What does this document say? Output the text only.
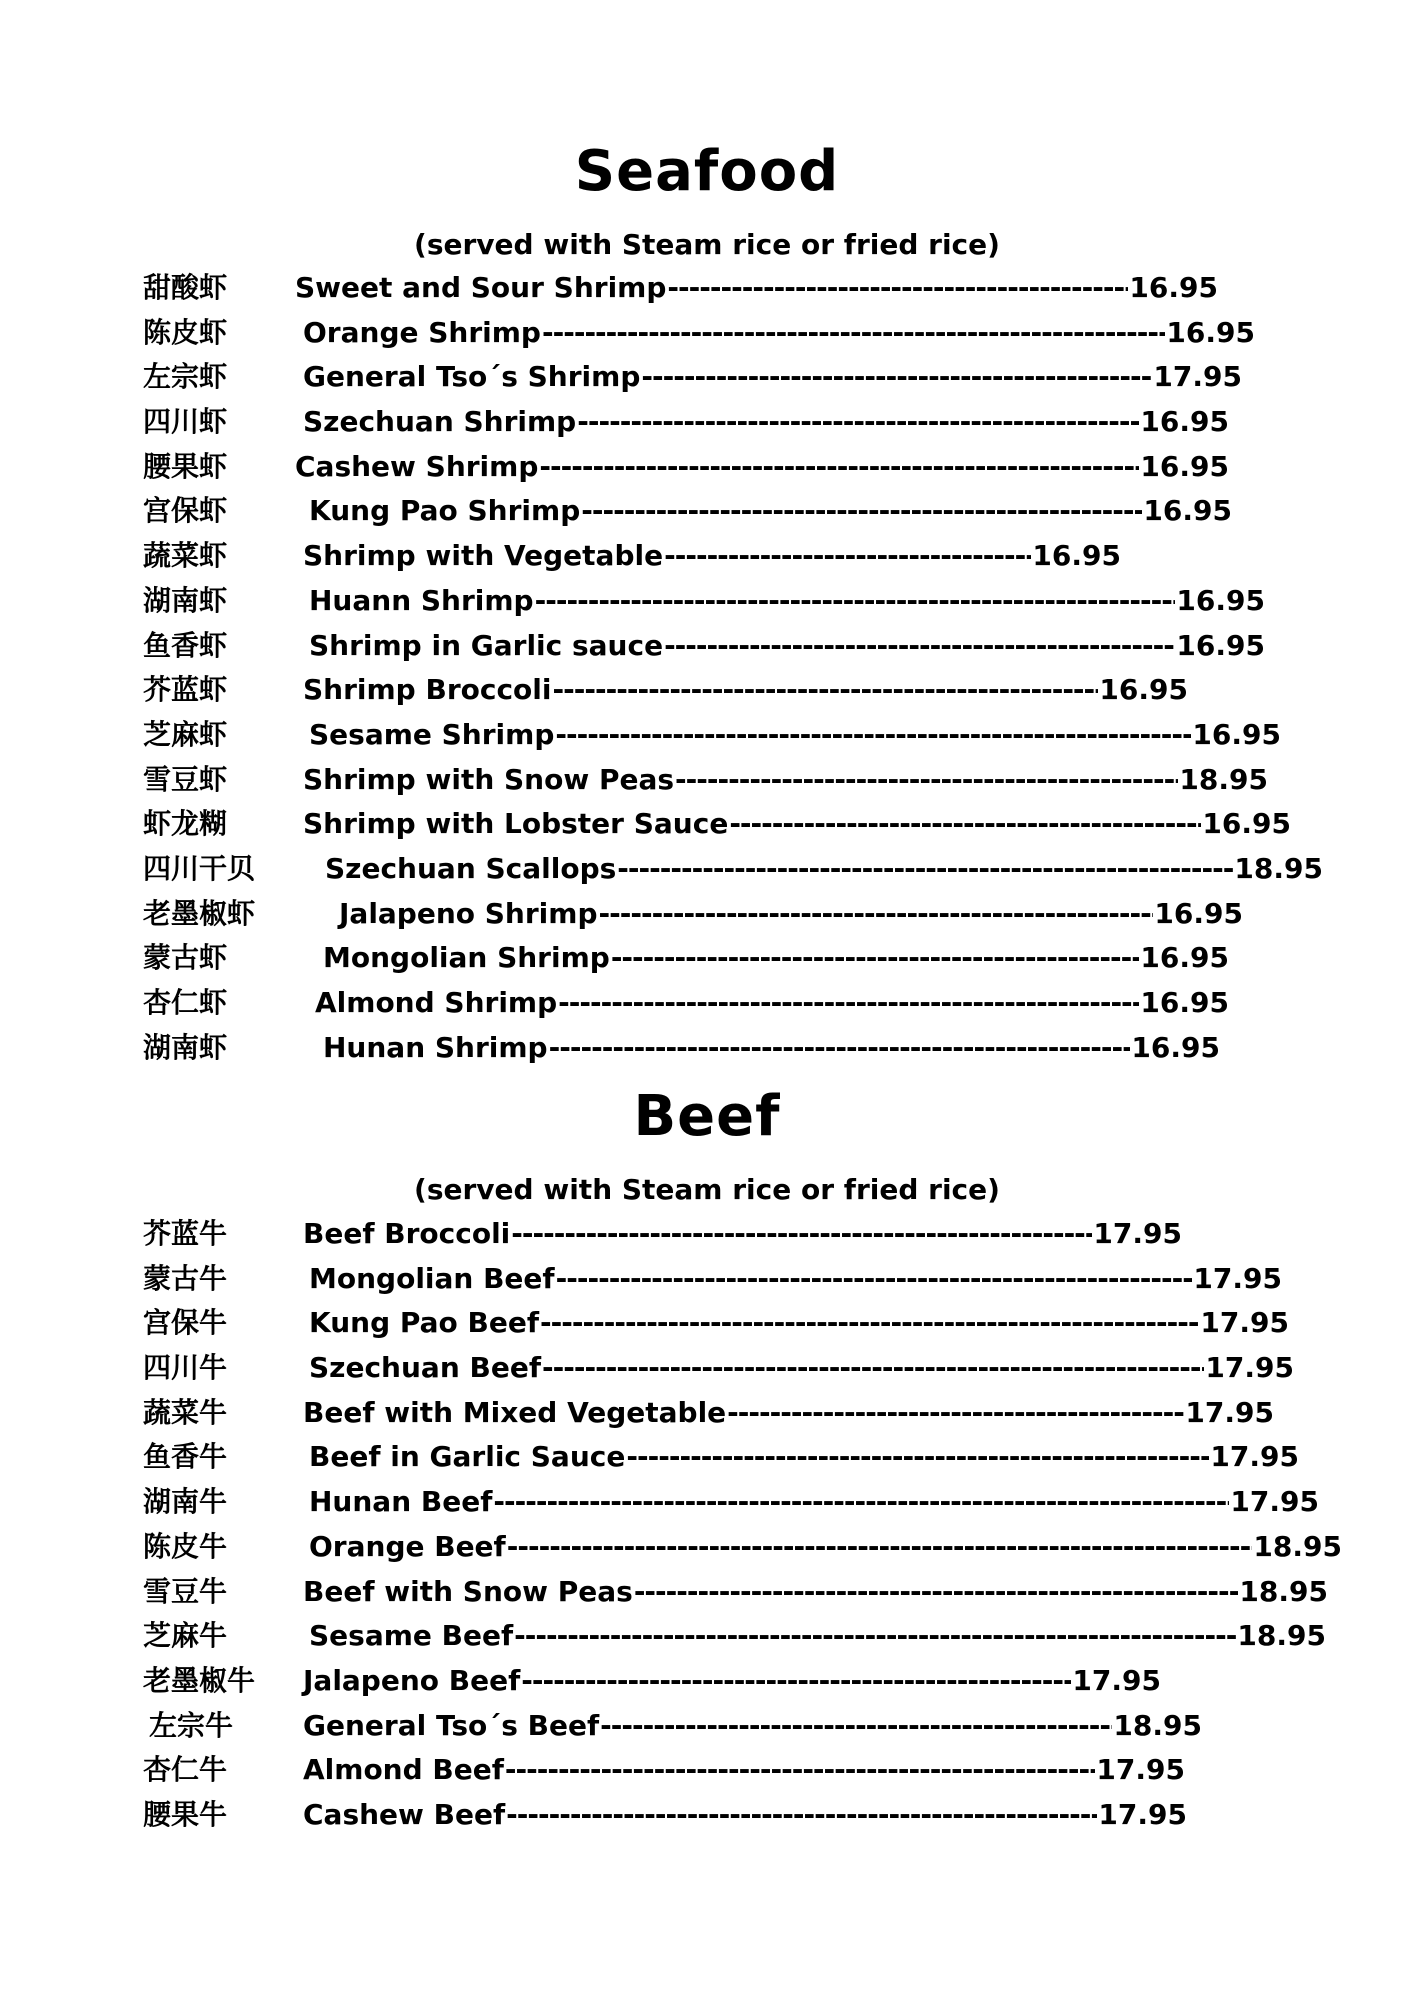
Seafood
(served with Steam rice or fried rice)
甜酸虾 Sweet and Sour Shrimp -----	16.95
陈皮虾	Orange Shrimp -----	16.95
左宗虾	General Tso´s Shrimp -----	17.95
四川虾	Szechuan Shrimp -----	16.95
腰果虾 Cashew Shrimp -----	16.95
宫保虾	Kung Pao Shrimp -----	16.95
蔬菜虾	Shrimp with Vegetable -----	16.95
湖南虾	Huann Shrimp -----	16.95
鱼香虾	Shrimp in Garlic sauce -----	16.95
芥蓝虾	Shrimp Broccoli -----	16.95
芝麻虾	Sesame Shrimp -----	16.95
雪豆虾	Shrimp with Snow Peas -----	18.95
虾龙糊	Shrimp with Lobster Sauce -----	16.95
四川干贝 Szechuan Scallops -----	18.95
老墨椒虾	Jalapeno Shrimp -----	16.95
蒙古虾	Mongolian Shrimp -----	16.95
杏仁虾	Almond Shrimp -----	16.95
湖南虾	Hunan Shrimp -----	16.95
Beef
(served with Steam rice or fried rice)
芥蓝牛	Beef Broccoli -----	17.95
蒙古牛	Mongolian Beef -----	17.95
宫保牛	Kung Pao Beef -----	17.95
四川牛	Szechuan Beef -----	17.95
蔬菜牛	Beef with Mixed Vegetable -----	17.95
鱼香牛	Beef in Garlic Sauce -----	17.95
湖南牛	Hunan Beef -----	17.95
陈皮牛	Orange Beef -----	18.95
雪豆牛	Beef with Snow Peas -----	18.95
芝麻牛	Sesame Beef -----	18.95
老墨椒牛 Jalapeno Beef -----	17.95
左宗牛 General Tso´s Beef -----	18.95
杏仁牛	Almond Beef -----	17.95
腰果牛	Cashew Beef -----	17.95
